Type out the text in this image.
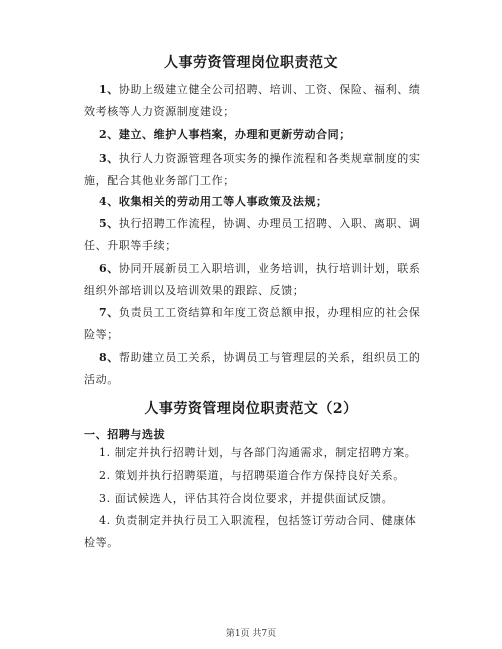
人事劳资管理岗位职责范文
1、协助上级建立健全公司招聘、培训、工资、保险、福利、绩效考核等人力资源制度建设；
2、建立、维护人事档案，办理和更新劳动合同；
3、执行人力资源管理各项实务的操作流程和各类规章制度的实施，配合其他业务部门工作；
4、收集相关的劳动用工等人事政策及法规；
5、执行招聘工作流程，协调、办理员工招聘、入职、离职、调任、升职等手续；
6、协同开展新员工入职培训，业务培训，执行培训计划，联系组织外部培训以及培训效果的跟踪、反馈；
7、负责员工工资结算和年度工资总额申报，办理相应的社会保险等；
8、帮助建立员工关系，协调员工与管理层的关系，组织员工的活动。
人事劳资管理岗位职责范文（2）
一、招聘与选拔
1. 制定并执行招聘计划，与各部门沟通需求，制定招聘方案。
2. 策划并执行招聘渠道，与招聘渠道合作方保持良好关系。
3. 面试候选人，评估其符合岗位要求，并提供面试反馈。
4. 负责制定并执行员工入职流程，包括签订劳动合同、健康体检等。
第1页 共7页
